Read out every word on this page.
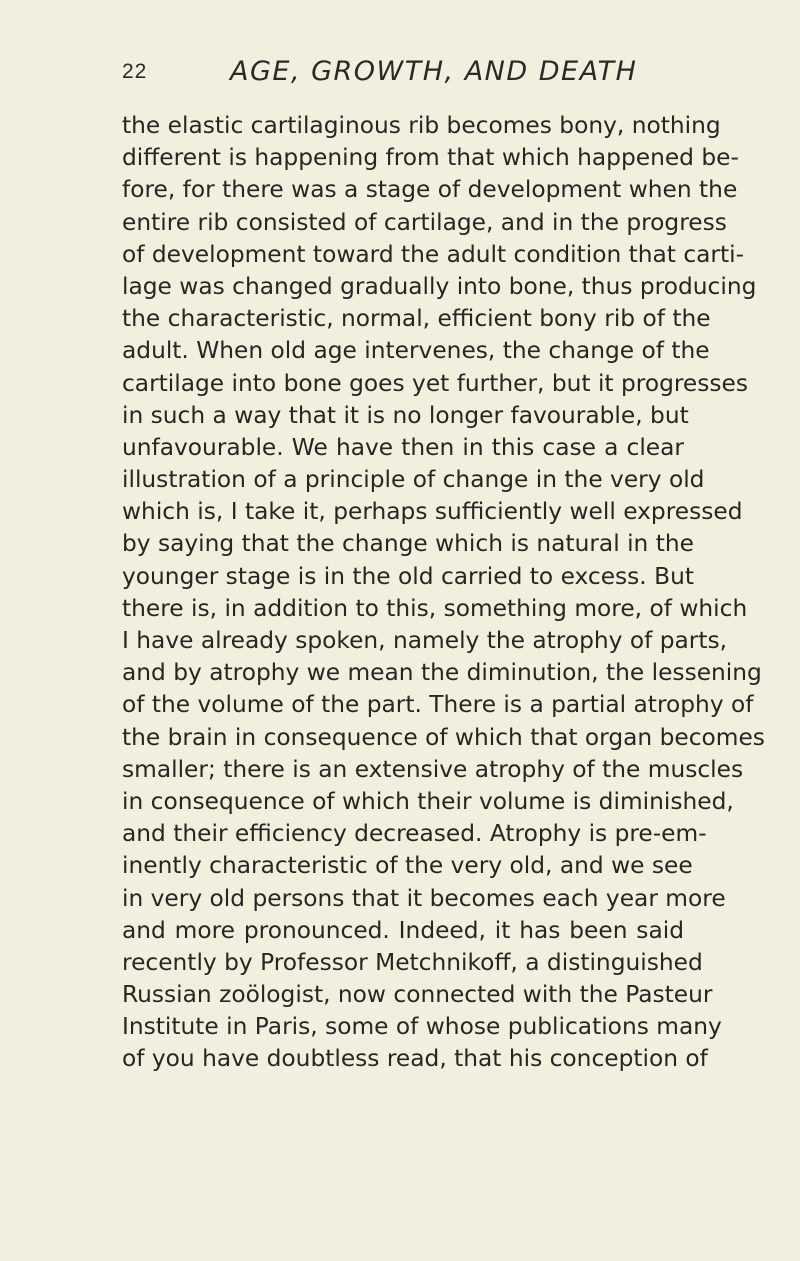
22	AGE, GROWTH, AND DEATH
the elastic cartilaginous rib becomes bony, nothing
different is happening from that which happened be-
fore, for there was a stage of development when the
entire rib consisted of cartilage, and in the progress
of development toward the adult condition that carti-
lage was changed gradually into bone, thus producing
the characteristic, normal, efficient bony rib of the
adult. When old age intervenes, the change of the
cartilage into bone goes yet further, but it progresses
in such a way that it is no longer favourable, but
unfavourable. We have then in this case a clear
illustration of a principle of change in the very old
which is, I take it, perhaps sufficiently well expressed
by saying that the change which is natural in the
younger stage is in the old carried to excess. But
there is, in addition to this, something more, of which
I have already spoken, namely the atrophy of parts,
and by atrophy we mean the diminution, the lessening
of the volume of the part. There is a partial atrophy of
the brain in consequence of which that organ becomes
smaller; there is an extensive atrophy of the muscles
in consequence of which their volume is diminished,
and their efficiency decreased. Atrophy is pre-em-
inently characteristic of the very old, and we see
in very old persons that it becomes each year more
and more pronounced. Indeed, it has been said
recently by Professor Metchnikoff, a distinguished
Russian zoölogist, now connected with the Pasteur
Institute in Paris, some of whose publications many
of you have doubtless read, that his conception of
